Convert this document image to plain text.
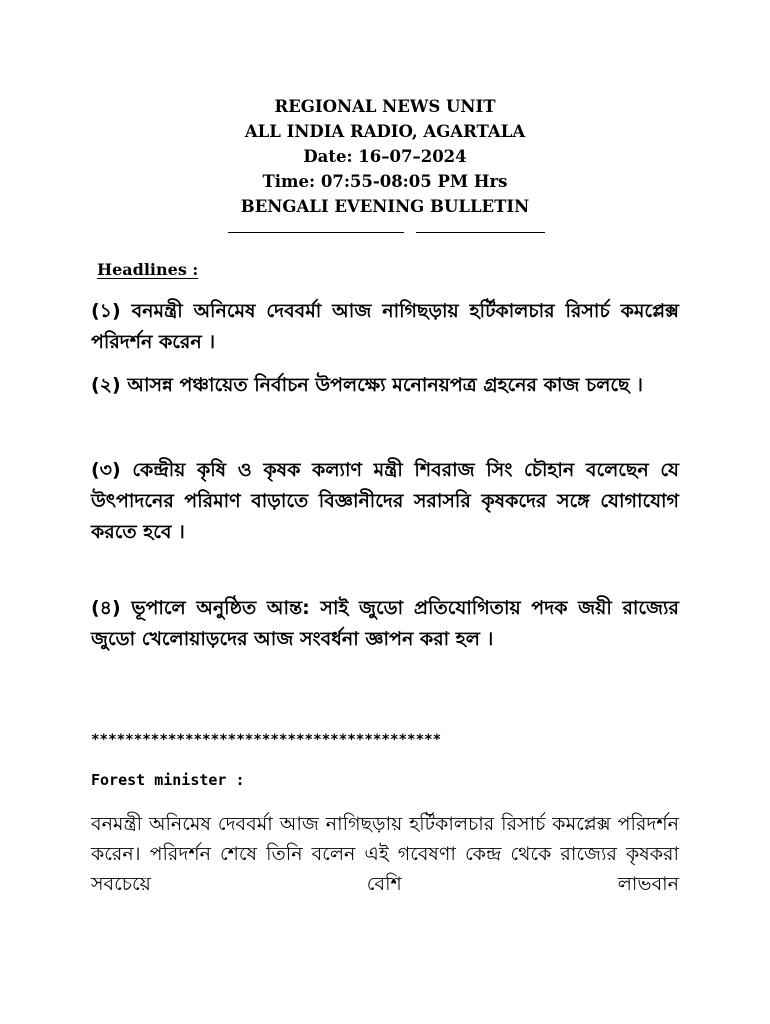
REGIONAL NEWS UNIT
ALL INDIA RADIO, AGARTALA
Date: 16–07–2024
Time: 07:55-08:05 PM Hrs
BENGALI EVENING BULLETIN
Headlines :
(১) বনমন্ত্রী অনিমেষ দেববর্মা আজ নাগিছড়ায় হর্টিকালচার রিসার্চ কমপ্লেক্স পরিদর্শন করেন ।
(২) আসন্ন পঞ্চায়েত নির্বাচন উপলক্ষ্যে মনোনয়পত্র গ্রহনের কাজ চলছে ।
(৩) কেন্দ্রীয় কৃষি ও কৃষক কল্যাণ মন্ত্রী শিবরাজ সিং চৌহান বলেছেন যে উৎপাদনের পরিমাণ বাড়াতে বিজ্ঞানীদের সরাসরি কৃষকদের সঙ্গে যোগাযোগ করতে হবে ।
(৪) ভূপালে অনুষ্ঠিত আন্ত: সাই জুডো প্রতিযোগিতায় পদক জয়ী রাজ্যের জুডো খেলোয়াড়দের আজ সংবর্ধনা জ্ঞাপন করা হল ।
*****************************************
Forest minister :
বনমন্ত্রী অনিমেষ দেববর্মা আজ নাগিছড়ায় হর্টিকালচার রিসার্চ কমপ্লেক্স পরিদর্শন করেন। পরিদর্শন শেষে তিনি বলেন এই গবেষণা কেন্দ্র থেকে রাজ্যের কৃষকরা সবচেয়ে বেশি লাভবান
